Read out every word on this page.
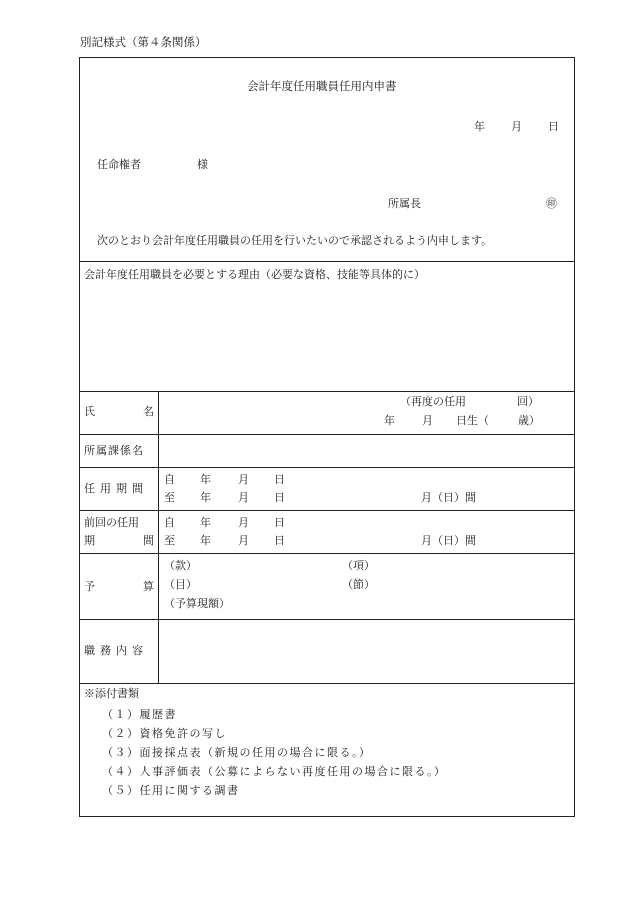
別記様式（第４条関係）
会計年度任用職員任用内申書
年 月 日
任命権者	様
所属長	㊞
次のとおり会計年度任用職員の任用を行いたいので承認されるよう内申します。
会計年度任用職員を必要とする理由（必要な資格、技能等具体的に）
氏	名
（再度の任用	回）
年 月 日生（	歳）
所属課係名
任用期間
自 年 月 日
至 年 月 日	月（日）間
前回の任用
期	間
自 年 月 日
至 年 月 日	月（日）間
予	算
（款）	（項）
（目）	（節）
（予算現額）
職務内容
※添付書類
（１）履歴書
（２）資格免許の写し
（３）面接採点表（新規の任用の場合に限る。）
（４）人事評価表（公募によらない再度任用の場合に限る。）
（５）任用に関する調書
